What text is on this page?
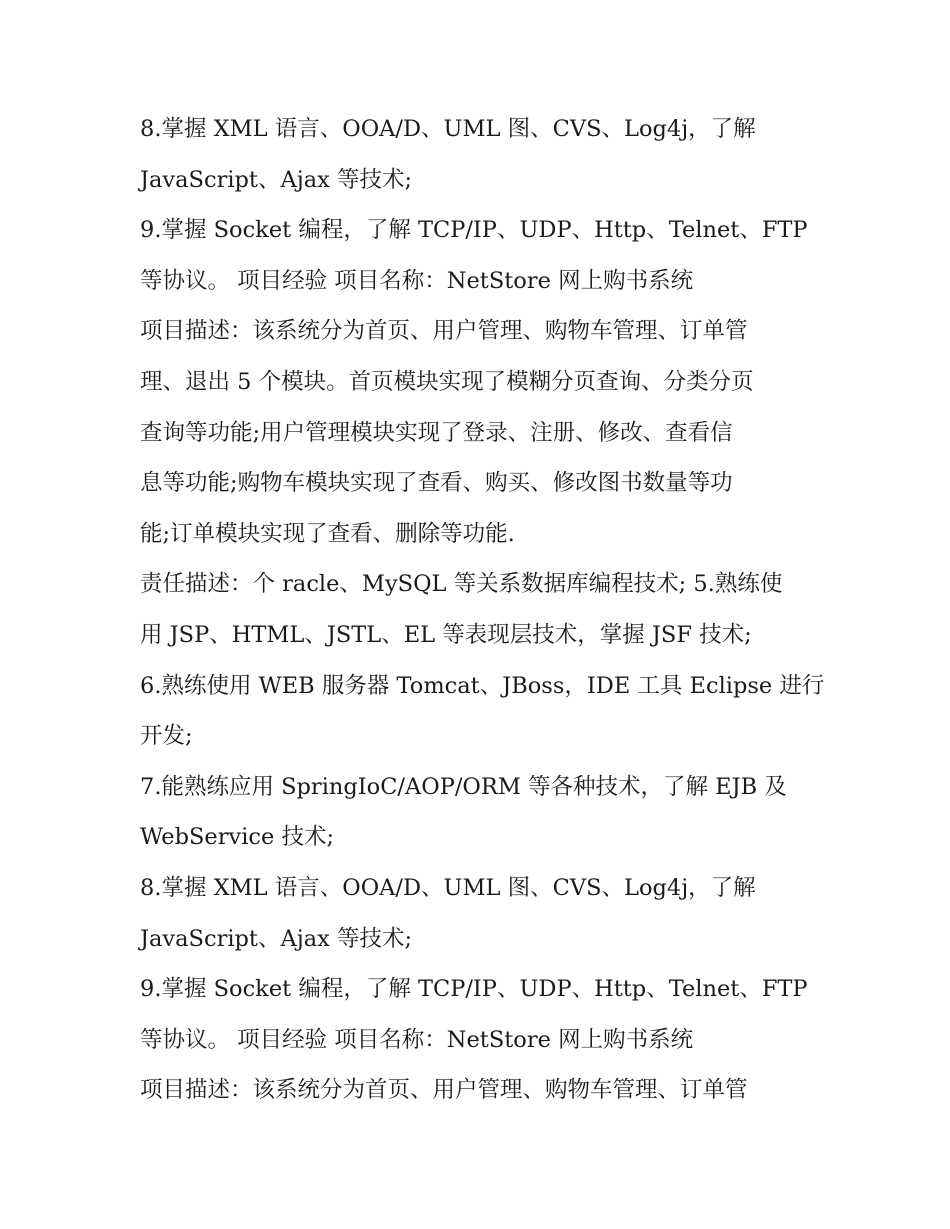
8.掌握 XML 语言、OOA/D、UML 图、CVS、Log4j，了解
JavaScript、Ajax 等技术;
9.掌握 Socket 编程，了解 TCP/IP、UDP、Http、Telnet、FTP
等协议。 项目经验 项目名称：NetStore 网上购书系统
项目描述：该系统分为首页、用户管理、购物车管理、订单管
理、退出 5 个模块。首页模块实现了模糊分页查询、分类分页
查询等功能;用户管理模块实现了登录、注册、修改、查看信
息等功能;购物车模块实现了查看、购买、修改图书数量等功
能;订单模块实现了查看、删除等功能.
责任描述：个 racle、MySQL 等关系数据库编程技术; 5.熟练使
用 JSP、HTML、JSTL、EL 等表现层技术，掌握 JSF 技术;
6.熟练使用 WEB 服务器 Tomcat、JBoss，IDE 工具 Eclipse 进行
开发;
7.能熟练应用 SpringIoC/AOP/ORM 等各种技术，了解 EJB 及
WebService 技术;
8.掌握 XML 语言、OOA/D、UML 图、CVS、Log4j，了解
JavaScript、Ajax 等技术;
9.掌握 Socket 编程，了解 TCP/IP、UDP、Http、Telnet、FTP
等协议。 项目经验 项目名称：NetStore 网上购书系统
项目描述：该系统分为首页、用户管理、购物车管理、订单管
